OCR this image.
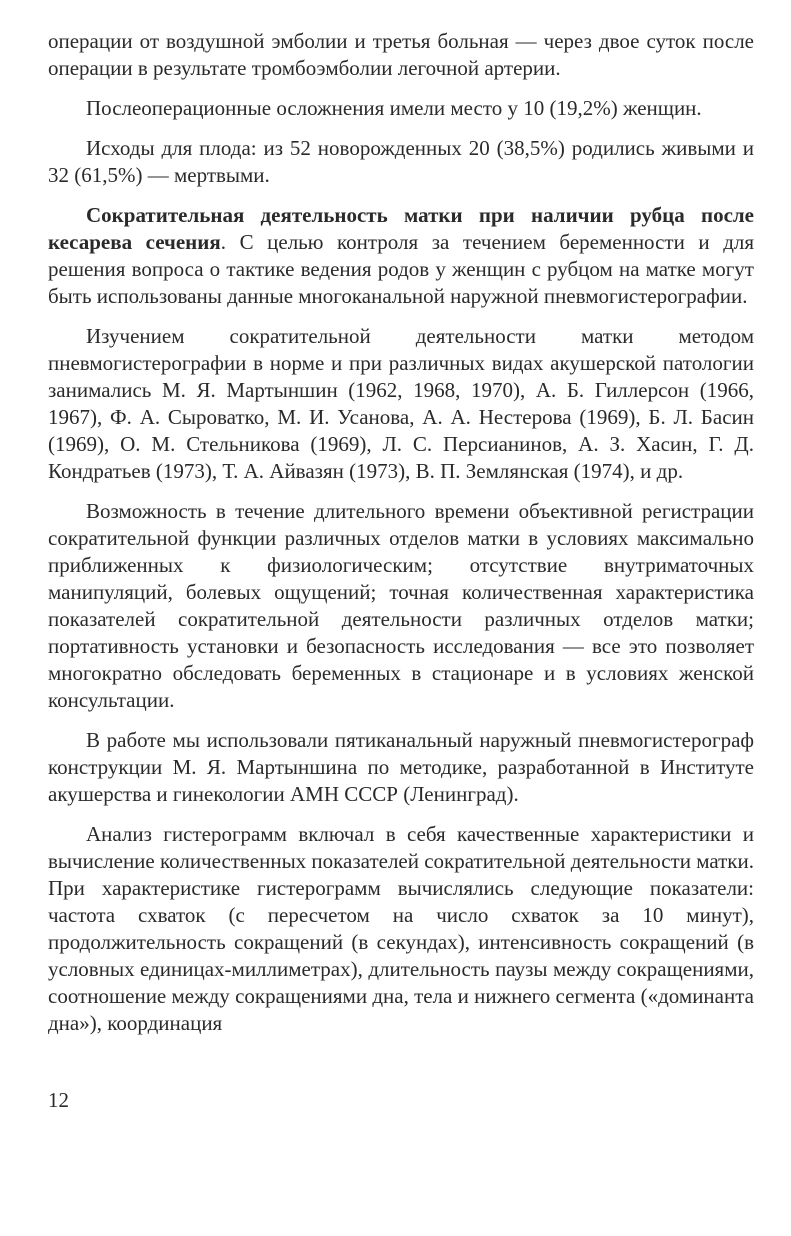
операции от воздушной эмболии и третья больная — через двое суток после операции в результате тромбоэмболии легочной артерии.

Послеоперационные осложнения имели место у 10 (19,2%) женщин.

Исходы для плода: из 52 новорожденных 20 (38,5%) родились живыми и 32 (61,5%) — мертвыми.

Сократительная деятельность матки при наличии рубца после кесарева сечения. С целью контроля за течением беременности и для решения вопроса о тактике ведения родов у женщин с рубцом на матке могут быть использованы данные многоканальной наружной пневмогистерографии.

Изучением сократительной деятельности матки методом пневмогистерографии в норме и при различных видах акушерской патологии занимались М. Я. Мартыншин (1962, 1968, 1970), А. Б. Гиллерсон (1966, 1967), Ф. А. Сыроватко, М. И. Усанова, А. А. Нестерова (1969), Б. Л. Басин (1969), О. М. Стельникова (1969), Л. С. Персианинов, А. З. Хасин, Г. Д. Кондратьев (1973), Т. А. Айвазян (1973), В. П. Землянская (1974), и др.

Возможность в течение длительного времени объективной регистрации сократительной функции различных отделов матки в условиях максимально приближенных к физиологическим; отсутствие внутриматочных манипуляций, болевых ощущений; точная количественная характеристика показателей сократительной деятельности различных отделов матки; портативность установки и безопасность исследования — все это позволяет многократно обследовать беременных в стационаре и в условиях женской консультации.

В работе мы использовали пятиканальный наружный пневмогистерограф конструкции М. Я. Мартыншина по методике, разработанной в Институте акушерства и гинекологии АМН СССР (Ленинград).

Анализ гистерограмм включал в себя качественные характеристики и вычисление количественных показателей сократительной деятельности матки. При характеристике гистерограмм вычислялись следующие показатели: частота схваток (с пересчетом на число схваток за 10 минут), продолжительность сокращений (в секундах), интенсивность сокращений (в условных единицах-миллиметрах), длительность паузы между сокращениями, соотношение между сокращениями дна, тела и нижнего сегмента («доминанта дна»), координация

12
